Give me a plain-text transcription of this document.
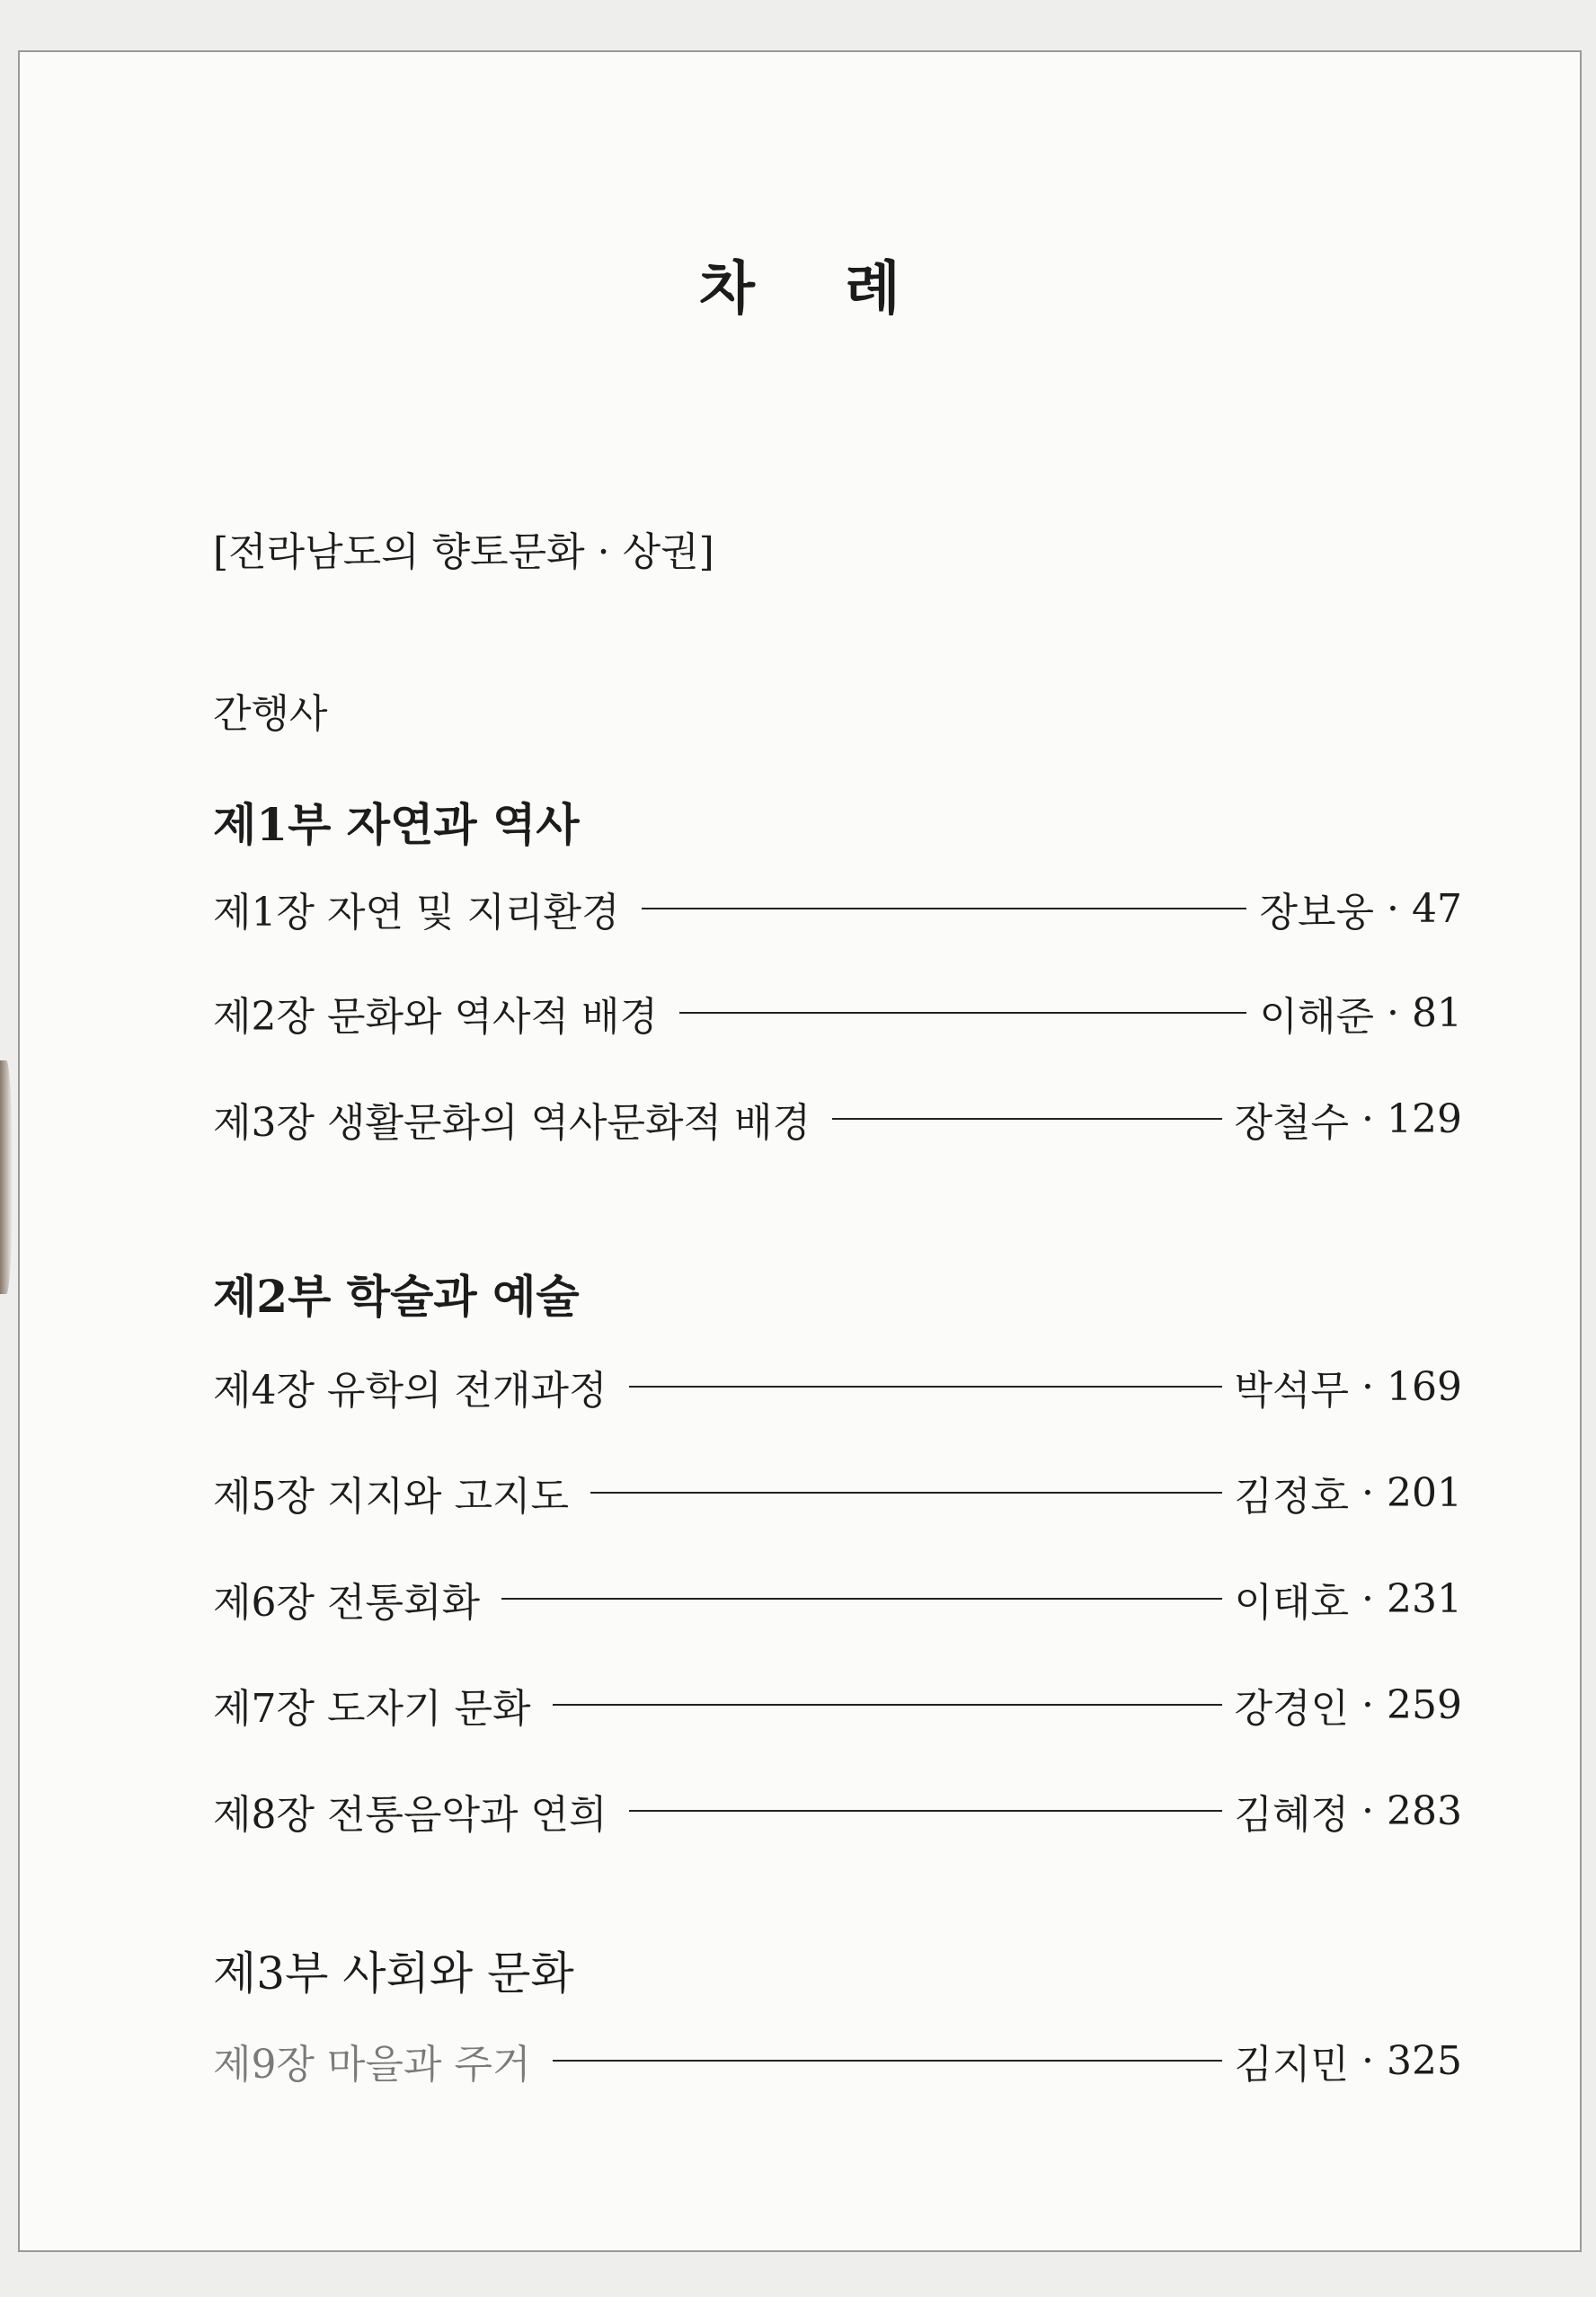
차 례
[전라남도의 향토문화 · 상권]
간행사
제1부 자연과 역사
제1장 자연 및 지리환경	장보웅 · 47
제2장 문화와 역사적 배경	이해준 · 81
제3장 생활문화의 역사문화적 배경	장철수 · 129
제2부 학술과 예술
제4장 유학의 전개과정	박석무 · 169
제5장 지지와 고지도	김정호 · 201
제6장 전통회화	이태호 · 231
제7장 도자기 문화	강경인 · 259
제8장 전통음악과 연희	김혜정 · 283
제3부 사회와 문화
제9장 마을과 주거	김지민 · 325
